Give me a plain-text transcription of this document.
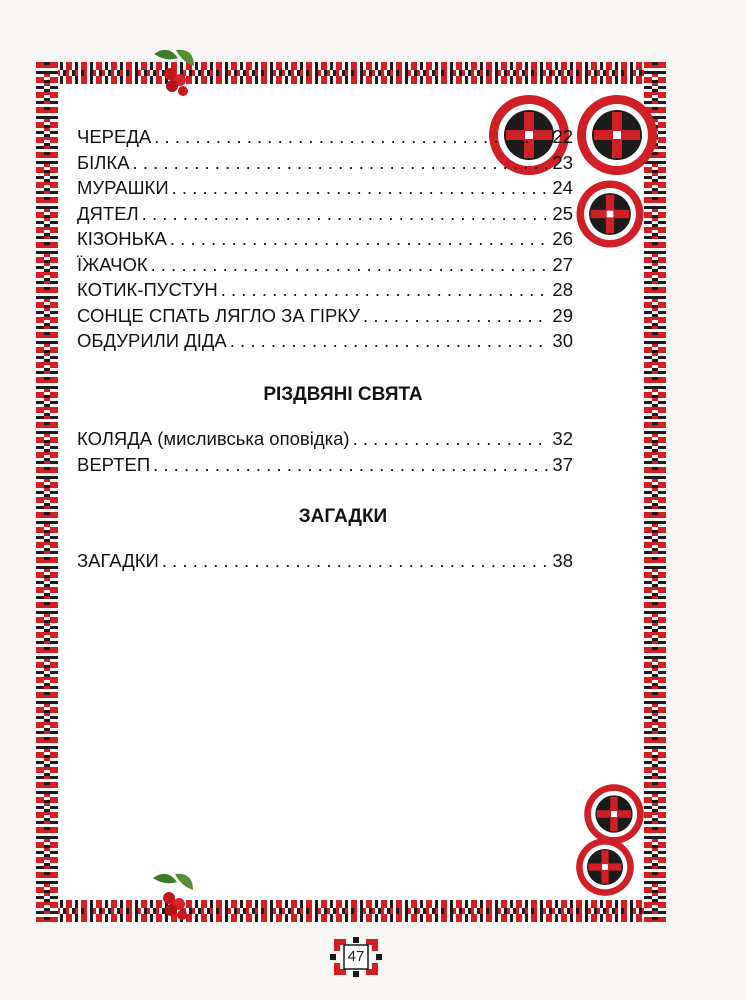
ЧЕРЕДА . . .	22
БІЛКА . . .	23
МУРАШКИ . . .	24
ДЯТЕЛ . . .	25
КІЗОНЬКА . . .	26
ЇЖАЧОК . . .	27
КОТИК-ПУСТУН . . .	28
СОНЦЕ СПАТЬ ЛЯГЛО ЗА ГІРКУ . . .	29
ОБДУРИЛИ ДІДА . . .	30
РІЗДВЯНІ СВЯТА
КОЛЯДА (мисливська оповідка) . . .	32
ВЕРТЕП . . .	37
ЗАГАДКИ
ЗАГАДКИ . . .	38
47
